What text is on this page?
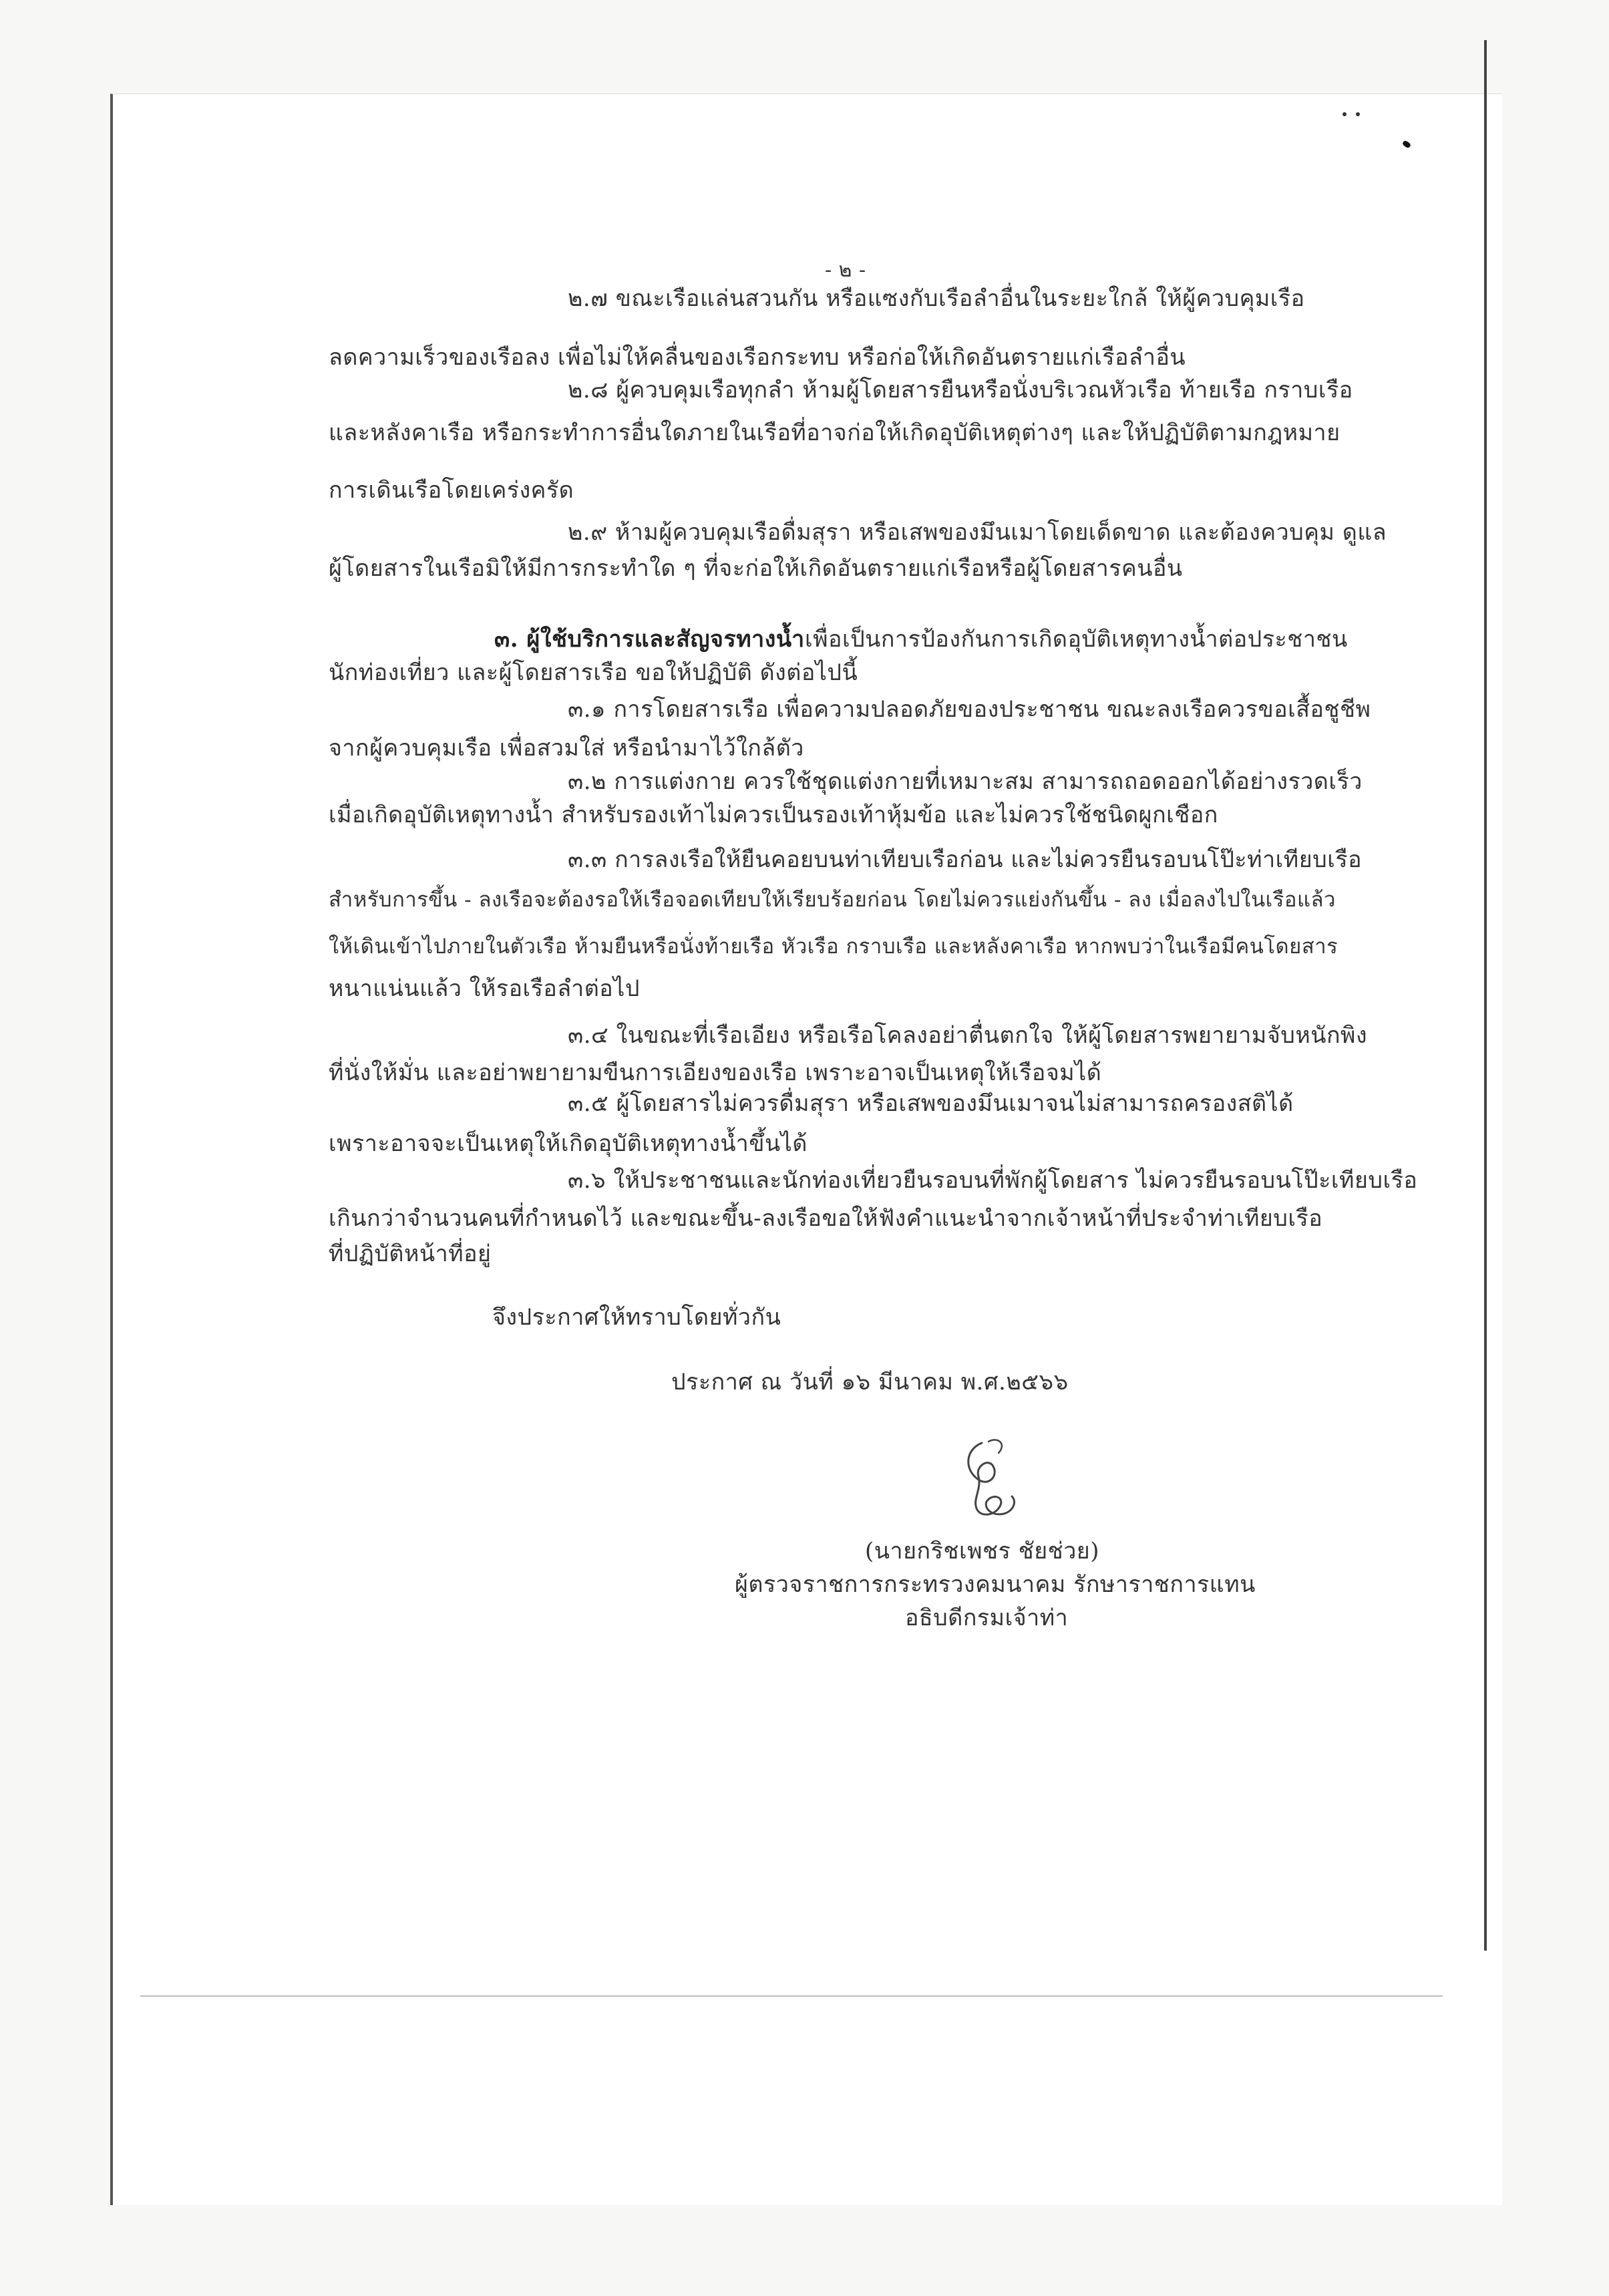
- ๒ -
๒.๗ ขณะเรือแล่นสวนกัน หรือแซงกับเรือลำอื่นในระยะใกล้ ให้ผู้ควบคุมเรือ
ลดความเร็วของเรือลง เพื่อไม่ให้คลื่นของเรือกระทบ หรือก่อให้เกิดอันตรายแก่เรือลำอื่น
๒.๘ ผู้ควบคุมเรือทุกลำ ห้ามผู้โดยสารยืนหรือนั่งบริเวณหัวเรือ ท้ายเรือ กราบเรือ
และหลังคาเรือ หรือกระทำการอื่นใดภายในเรือที่อาจก่อให้เกิดอุบัติเหตุต่างๆ และให้ปฏิบัติตามกฎหมาย
การเดินเรือโดยเคร่งครัด
๒.๙ ห้ามผู้ควบคุมเรือดื่มสุรา หรือเสพของมึนเมาโดยเด็ดขาด และต้องควบคุม ดูแล
ผู้โดยสารในเรือมิให้มีการกระทำใด ๆ ที่จะก่อให้เกิดอันตรายแก่เรือหรือผู้โดยสารคนอื่น
๓. ผู้ใช้บริการและสัญจรทางน้ำ เพื่อเป็นการป้องกันการเกิดอุบัติเหตุทางน้ำต่อประชาชน
นักท่องเที่ยว และผู้โดยสารเรือ ขอให้ปฏิบัติ ดังต่อไปนี้
๓.๑ การโดยสารเรือ เพื่อความปลอดภัยของประชาชน ขณะลงเรือควรขอเสื้อชูชีพ
จากผู้ควบคุมเรือ เพื่อสวมใส่ หรือนำมาไว้ใกล้ตัว
๓.๒ การแต่งกาย ควรใช้ชุดแต่งกายที่เหมาะสม สามารถถอดออกได้อย่างรวดเร็ว
เมื่อเกิดอุบัติเหตุทางน้ำ สำหรับรองเท้าไม่ควรเป็นรองเท้าหุ้มข้อ และไม่ควรใช้ชนิดผูกเชือก
๓.๓ การลงเรือให้ยืนคอยบนท่าเทียบเรือก่อน และไม่ควรยืนรอบนโป๊ะท่าเทียบเรือ
สำหรับการขึ้น - ลงเรือจะต้องรอให้เรือจอดเทียบให้เรียบร้อยก่อน โดยไม่ควรแย่งกันขึ้น - ลง เมื่อลงไปในเรือแล้ว
ให้เดินเข้าไปภายในตัวเรือ ห้ามยืนหรือนั่งท้ายเรือ หัวเรือ กราบเรือ และหลังคาเรือ หากพบว่าในเรือมีคนโดยสาร
หนาแน่นแล้ว ให้รอเรือลำต่อไป
๓.๔ ในขณะที่เรือเอียง หรือเรือโคลงอย่าตื่นตกใจ ให้ผู้โดยสารพยายามจับหนักพิง
ที่นั่งให้มั่น และอย่าพยายามขืนการเอียงของเรือ เพราะอาจเป็นเหตุให้เรือจมได้
๓.๕ ผู้โดยสารไม่ควรดื่มสุรา หรือเสพของมึนเมาจนไม่สามารถครองสติได้
เพราะอาจจะเป็นเหตุให้เกิดอุบัติเหตุทางน้ำขึ้นได้
๓.๖ ให้ประชาชนและนักท่องเที่ยวยืนรอบนที่พักผู้โดยสาร ไม่ควรยืนรอบนโป๊ะเทียบเรือ
เกินกว่าจำนวนคนที่กำหนดไว้ และขณะขึ้น-ลงเรือขอให้ฟังคำแนะนำจากเจ้าหน้าที่ประจำท่าเทียบเรือ
ที่ปฏิบัติหน้าที่อยู่
จึงประกาศให้ทราบโดยทั่วกัน
ประกาศ ณ วันที่ ๑๖ มีนาคม พ.ศ.๒๕๖๖
(นายกริชเพชร ชัยช่วย)
ผู้ตรวจราชการกระทรวงคมนาคม รักษาราชการแทน
อธิบดีกรมเจ้าท่า
